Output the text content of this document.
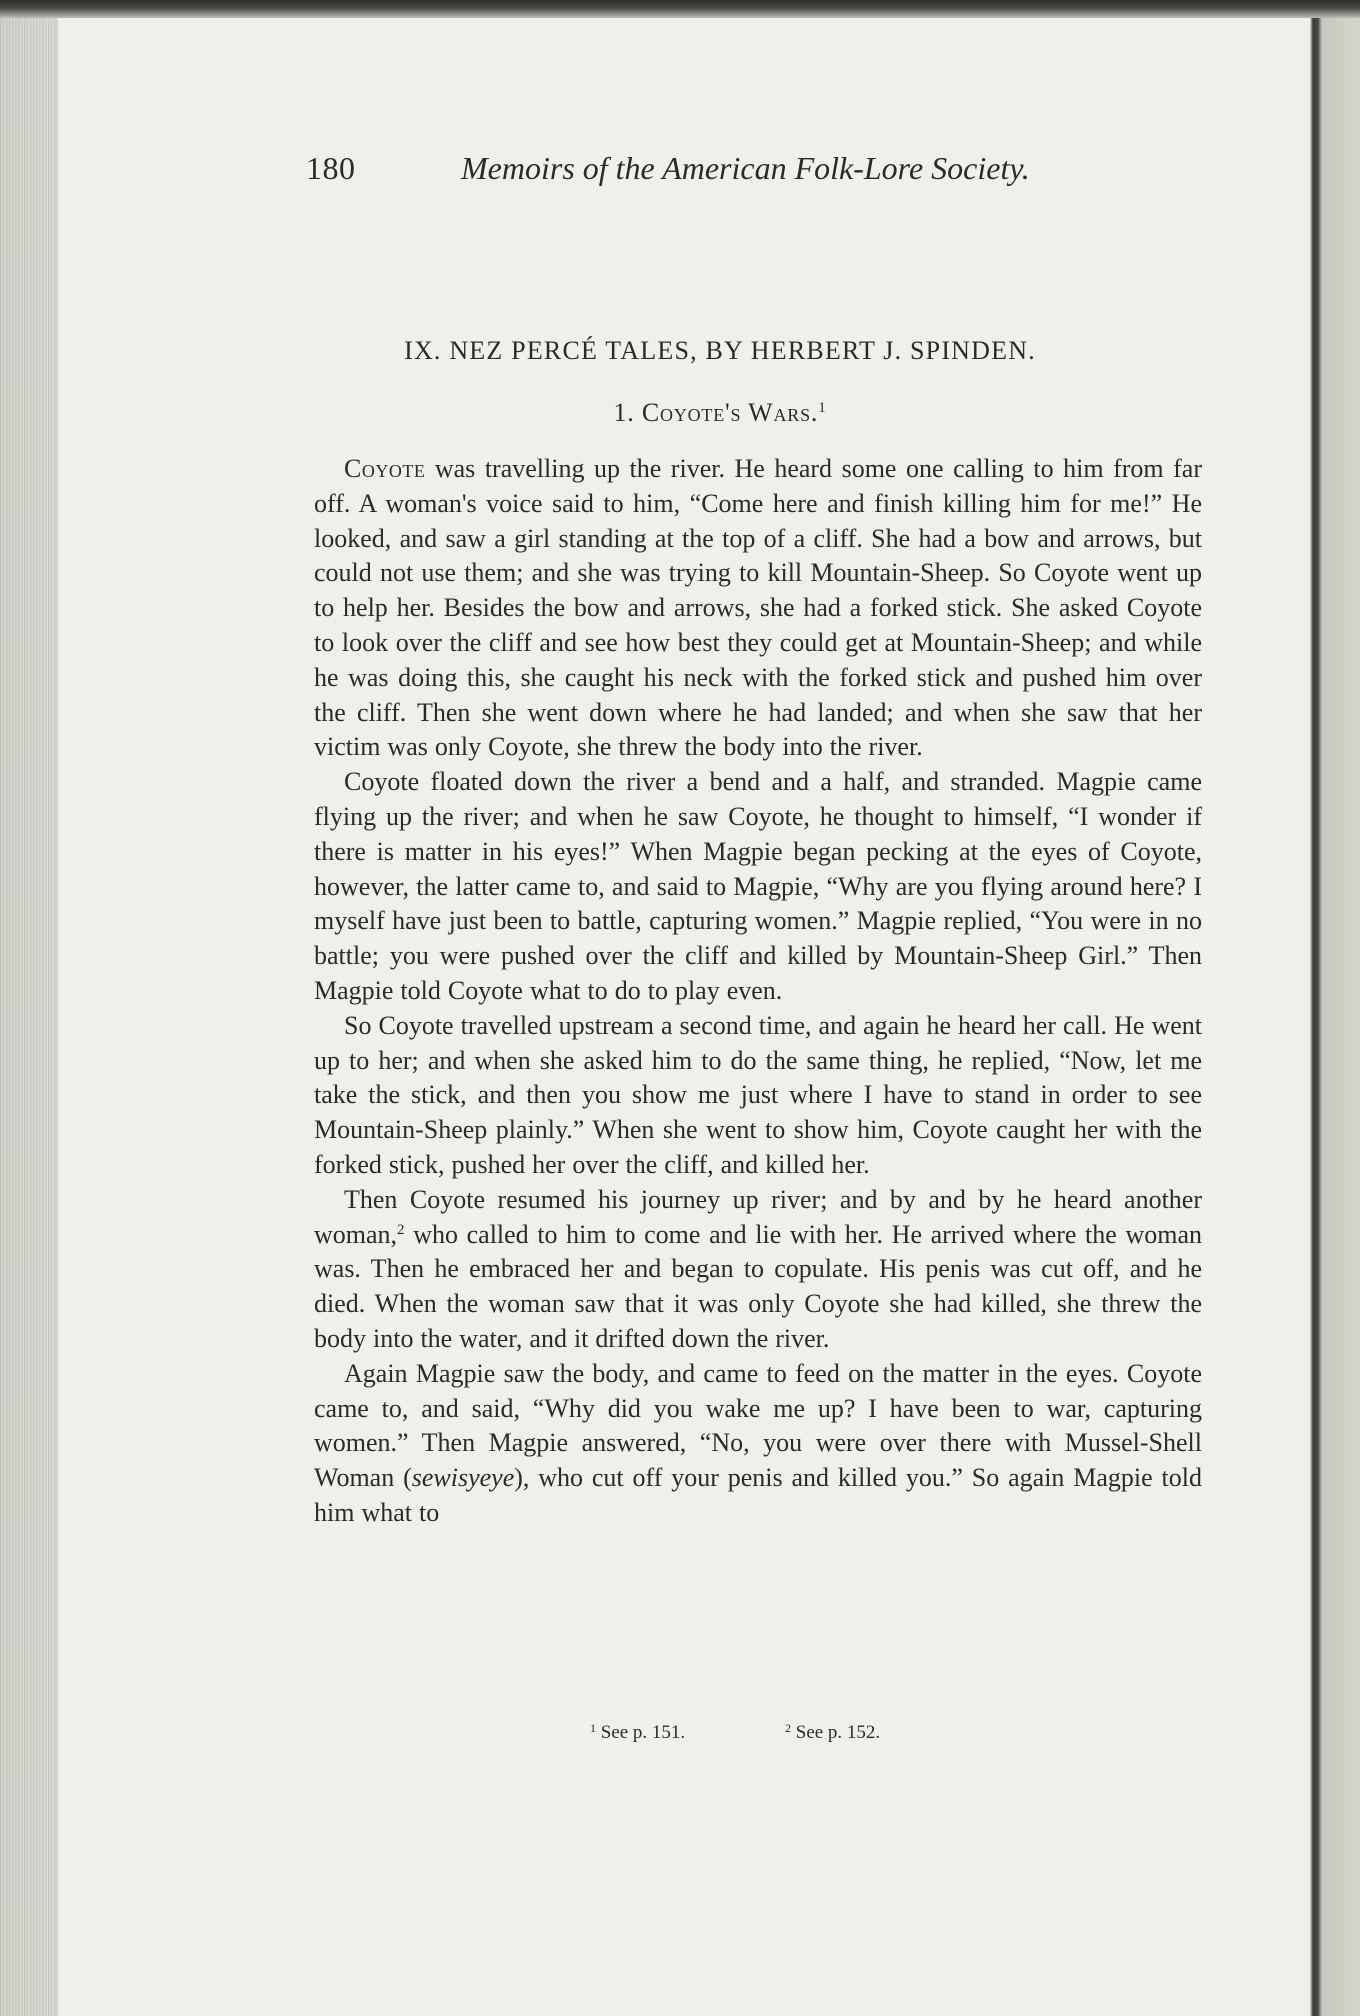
180	Memoirs of the American Folk-Lore Society.
IX. NEZ PERCÉ TALES, BY HERBERT J. SPINDEN.
1. Coyote's Wars.$^1$

Coyote was travelling up the river. He heard some one calling to him from far off. A woman's voice said to him, “Come here and finish killing him for me!” He looked, and saw a girl standing at the top of a cliff. She had a bow and arrows, but could not use them; and she was trying to kill Mountain-Sheep. So Coyote went up to help her. Besides the bow and arrows, she had a forked stick. She asked Coyote to look over the cliff and see how best they could get at Mountain-Sheep; and while he was doing this, she caught his neck with the forked stick and pushed him over the cliff. Then she went down where he had landed; and when she saw that her victim was only Coyote, she threw the body into the river.

Coyote floated down the river a bend and a half, and stranded. Magpie came flying up the river; and when he saw Coyote, he thought to himself, “I wonder if there is matter in his eyes!” When Magpie began pecking at the eyes of Coyote, however, the latter came to, and said to Magpie, “Why are you flying around here? I myself have just been to battle, capturing women.” Magpie replied, “You were in no battle; you were pushed over the cliff and killed by Mountain-Sheep Girl.” Then Magpie told Coyote what to do to play even.

So Coyote travelled upstream a second time, and again he heard her call. He went up to her; and when she asked him to do the same thing, he replied, “Now, let me take the stick, and then you show me just where I have to stand in order to see Mountain-Sheep plainly.” When she went to show him, Coyote caught her with the forked stick, pushed her over the cliff, and killed her.

Then Coyote resumed his journey up river; and by and by he heard another woman,$^2$ who called to him to come and lie with her. He arrived where the woman was. Then he embraced her and began to copulate. His penis was cut off, and he died. When the woman saw that it was only Coyote she had killed, she threw the body into the water, and it drifted down the river.

Again Magpie saw the body, and came to feed on the matter in the eyes. Coyote came to, and said, “Why did you wake me up? I have been to war, capturing women.” Then Magpie answered, “No, you were over there with Mussel-Shell Woman (sewisyeye), who cut off your penis and killed you.” So again Magpie told him what to

$^1$ See p. 151.	$^2$ See p. 152.
